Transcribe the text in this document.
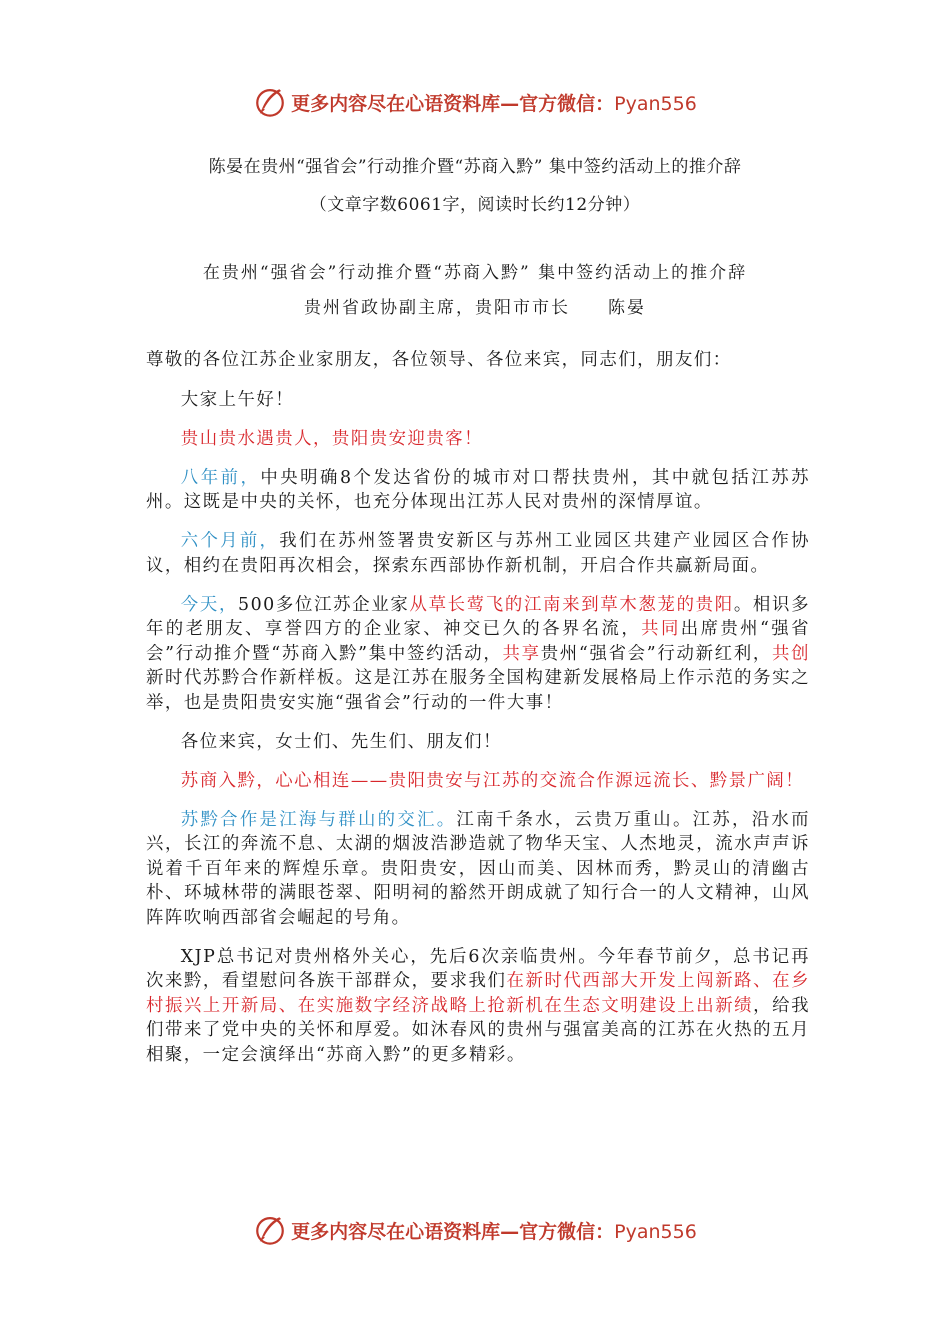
更多内容尽在心语资料库—官方微信：Pyan556
陈晏在贵州“强省会”行动推介暨“苏商入黔” 集中签约活动上的推介辞
（文章字数6061字，阅读时长约12分钟）
在贵州“强省会”行动推介暨“苏商入黔” 集中签约活动上的推介辞
贵州省政协副主席，贵阳市市长　　陈晏

尊敬的各位江苏企业家朋友，各位领导、各位来宾，同志们，朋友们：

大家上午好！

贵山贵水遇贵人，贵阳贵安迎贵客！

八年前，中央明确8个发达省份的城市对口帮扶贵州，其中就包括江苏苏州。这既是中央的关怀，也充分体现出江苏人民对贵州的深情厚谊。

六个月前，我们在苏州签署贵安新区与苏州工业园区共建产业园区合作协议，相约在贵阳再次相会，探索东西部协作新机制，开启合作共赢新局面。

今天，500多位江苏企业家从草长莺飞的江南来到草木葱茏的贵阳。相识多年的老朋友、享誉四方的企业家、神交已久的各界名流，共同出席贵州“强省会”行动推介暨“苏商入黔”集中签约活动，共享贵州“强省会”行动新红利，共创新时代苏黔合作新样板。这是江苏在服务全国构建新发展格局上作示范的务实之举，也是贵阳贵安实施“强省会”行动的一件大事！

各位来宾，女士们、先生们、朋友们！

苏商入黔，心心相连——贵阳贵安与江苏的交流合作源远流长、黔景广阔！

苏黔合作是江海与群山的交汇。江南千条水，云贵万重山。江苏，沿水而兴，长江的奔流不息、太湖的烟波浩渺造就了物华天宝、人杰地灵，流水声声诉说着千百年来的辉煌乐章。贵阳贵安，因山而美、因林而秀，黔灵山的清幽古朴、环城林带的满眼苍翠、阳明祠的豁然开朗成就了知行合一的人文精神，山风阵阵吹响西部省会崛起的号角。

XJP总书记对贵州格外关心，先后6次亲临贵州。今年春节前夕，总书记再次来黔，看望慰问各族干部群众，要求我们在新时代西部大开发上闯新路、在乡村振兴上开新局、在实施数字经济战略上抢新机在生态文明建设上出新绩，给我们带来了党中央的关怀和厚爱。如沐春风的贵州与强富美高的江苏在火热的五月相聚，一定会演绎出“苏商入黔”的更多精彩。

更多内容尽在心语资料库—官方微信：Pyan556
